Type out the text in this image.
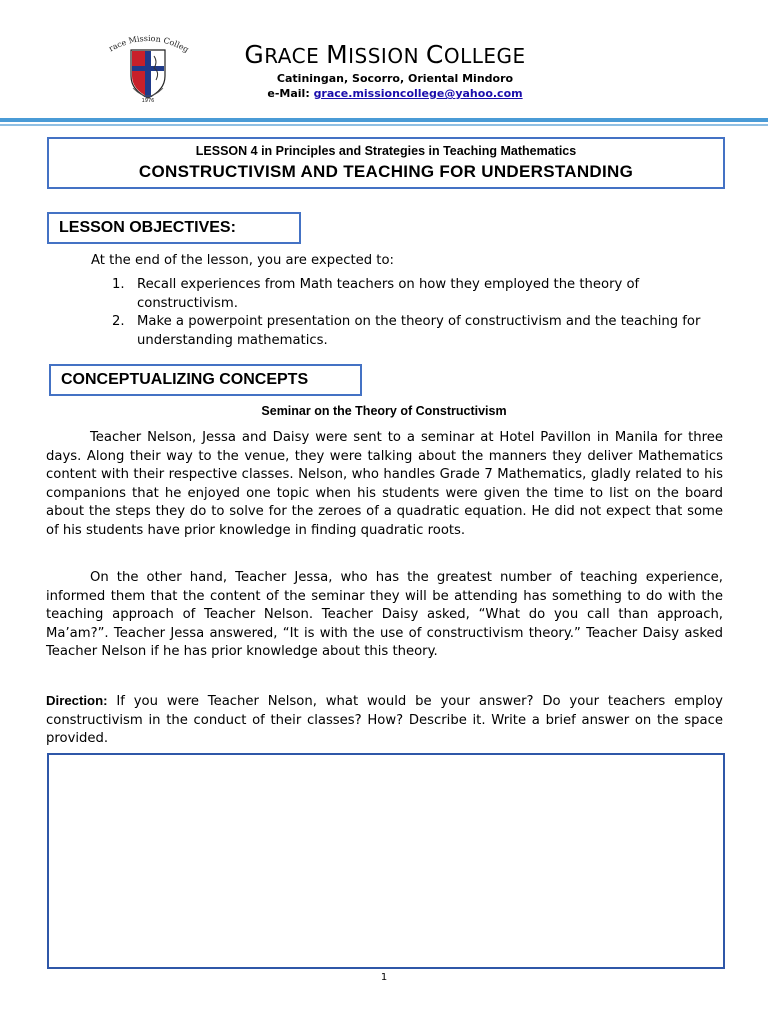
race Mission Colleg
1976
GRACE MISSION COLLEGE
Catiningan, Socorro, Oriental Mindoro
e-Mail: grace.missioncollege@yahoo.com
LESSON 4 in Principles and Strategies in Teaching Mathematics
CONSTRUCTIVISM AND TEACHING FOR UNDERSTANDING
LESSON OBJECTIVES:
At the end of the lesson, you are expected to:
1. Recall experiences from Math teachers on how they employed the theory of constructivism.
2. Make a powerpoint presentation on the theory of constructivism and the teaching for understanding mathematics.
CONCEPTUALIZING CONCEPTS
Seminar on the Theory of Constructivism

Teacher Nelson, Jessa and Daisy were sent to a seminar at Hotel Pavillon in Manila for three days. Along their way to the venue, they were talking about the manners they deliver Mathematics content with their respective classes. Nelson, who handles Grade 7 Mathematics, gladly related to his companions that he enjoyed one topic when his students were given the time to list on the board about the steps they do to solve for the zeroes of a quadratic equation. He did not expect that some of his students have prior knowledge in finding quadratic roots.

On the other hand, Teacher Jessa, who has the greatest number of teaching experience, informed them that the content of the seminar they will be attending has something to do with the teaching approach of Teacher Nelson. Teacher Daisy asked, “What do you call than approach, Ma’am?”. Teacher Jessa answered, “It is with the use of constructivism theory.” Teacher Daisy asked Teacher Nelson if he has prior knowledge about this theory.

Direction: If you were Teacher Nelson, what would be your answer? Do your teachers employ constructivism in the conduct of their classes? How? Describe it. Write a brief answer on the space provided.

1
